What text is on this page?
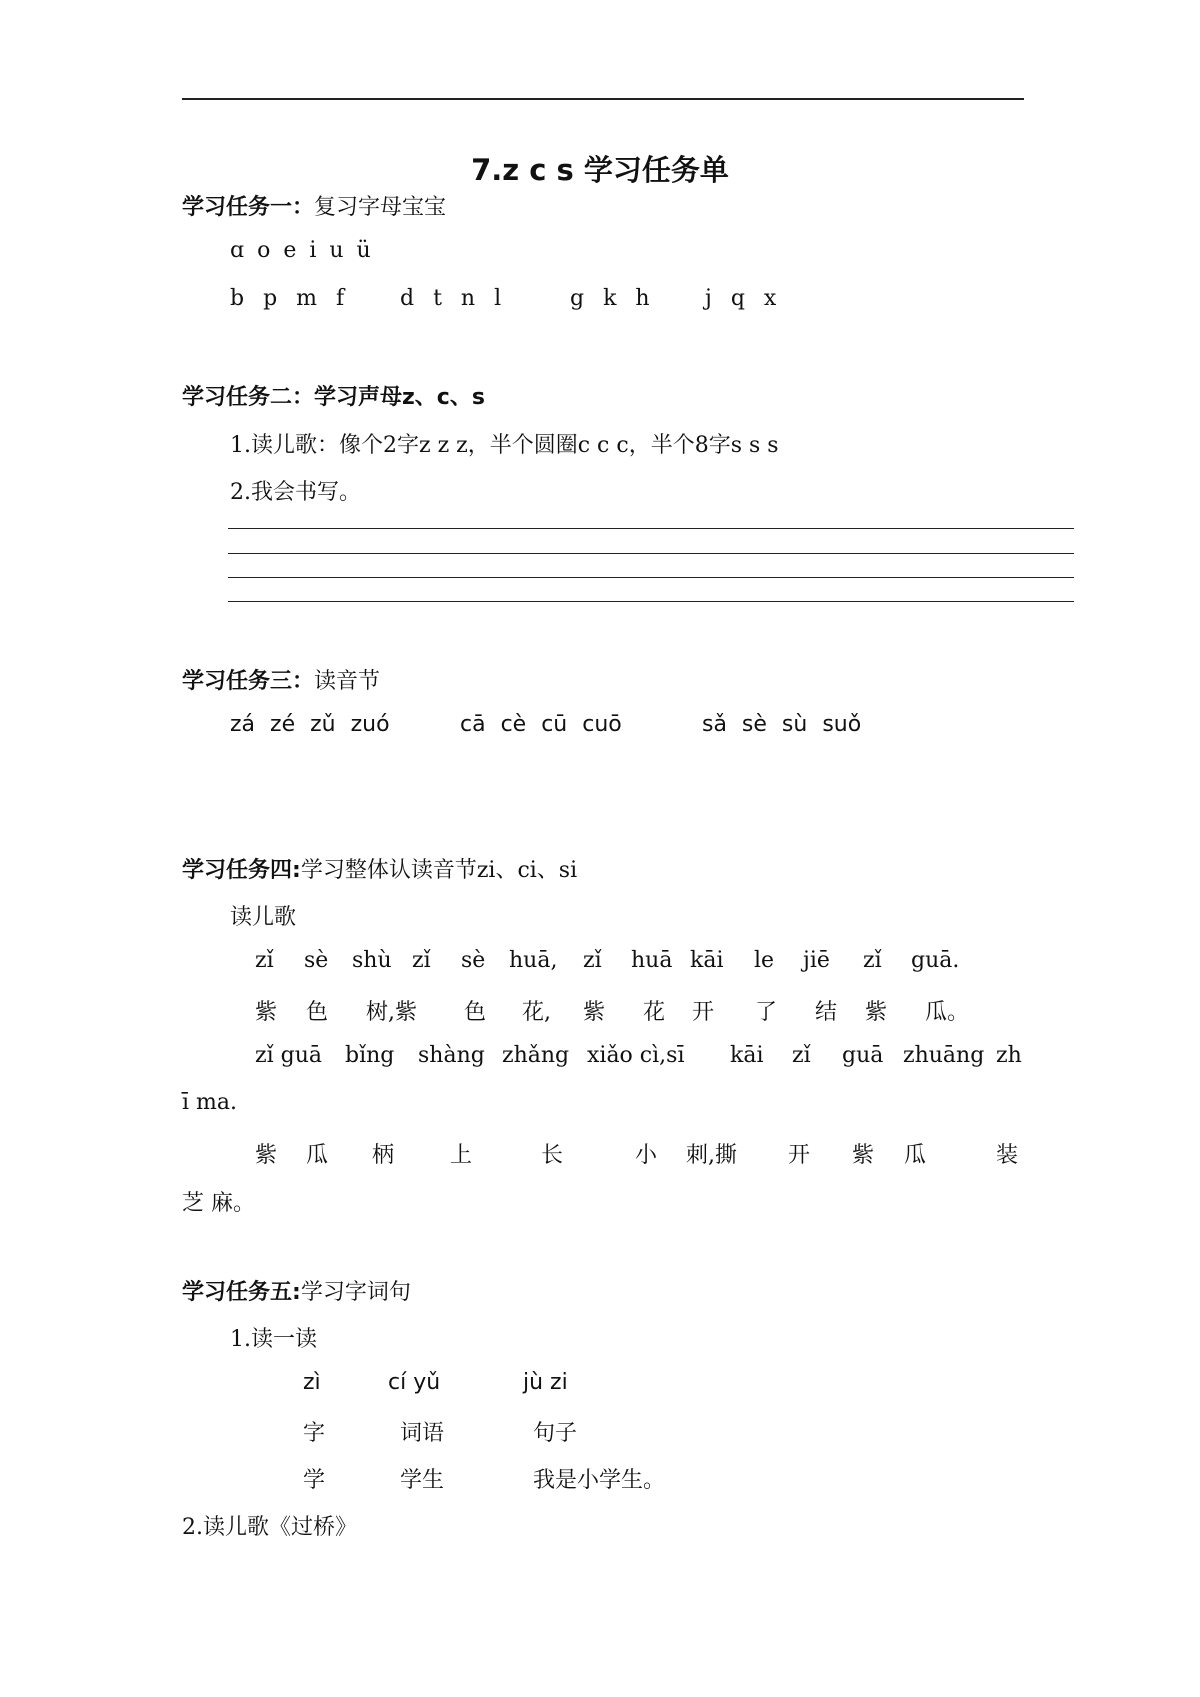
7.z c s 学习任务单
学习任务一：复习字母宝宝
ɑ o e i u ü
b p m f	d t n l	g k h	j q x
学习任务二：学习声母z、c、s
1.读儿歌：像个2字z z z，半个圆圈c c c，半个8字s s s
2.我会书写。
学习任务三：读音节
zá zé zǔ zuó	cā cè cū cuō	sǎ sè sù suǒ
学习任务四:学习整体认读音节zi、ci、si
读儿歌
zǐ sè shù zǐ sè huā, zǐ huā kāi le jiē zǐ guā.
紫 色 树,紫 色 花, 紫 花 开 了 结 紫 瓜。
zǐ guā bǐng shàng zhǎng xiǎo cì,sī kāi zǐ guā zhuāng zh
ī ma.
紫 瓜 柄	上	长	小 刺,撕 开 紫 瓜	装
芝 麻。
学习任务五:学习字词句
1.读一读
zì	cí yǔ	jù zi
字	词语	句子
学	学生	我是小学生。
2.读儿歌《过桥》
